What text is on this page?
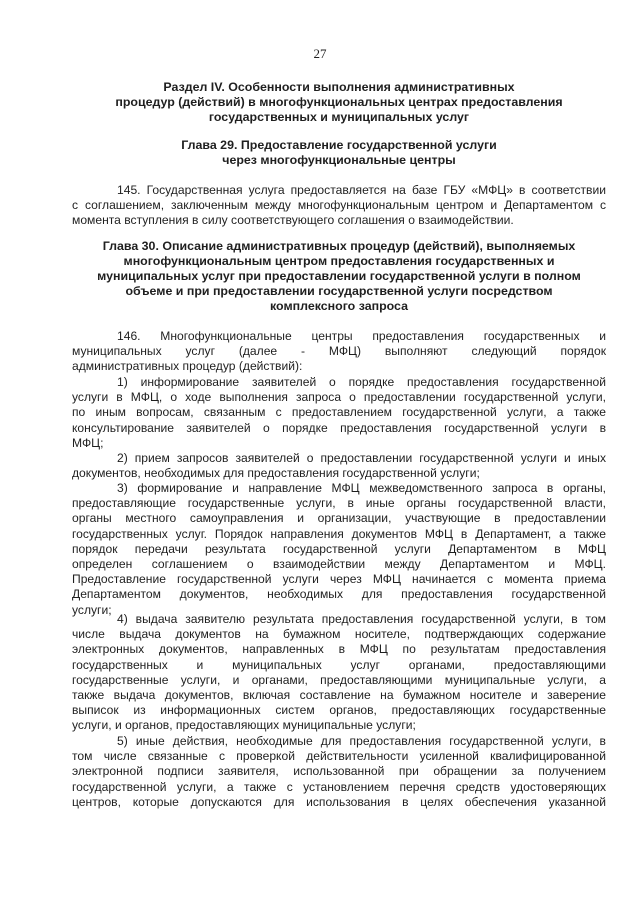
27
Раздел IV. Особенности выполнения административных
процедур (действий) в многофункциональных центрах предоставления
государственных и муниципальных услуг
Глава 29. Предоставление государственной услуги
через многофункциональные центры

145. Государственная услуга предоставляется на базе ГБУ «МФЦ» в соответствии
с соглашением, заключенным между многофункциональным центром и Департаментом с
момента вступления в силу соответствующего соглашения о взаимодействии.

Глава 30. Описание административных процедур (действий), выполняемых
многофункциональным центром предоставления государственных и
муниципальных услуг при предоставлении государственной услуги в полном
объеме и при предоставлении государственной услуги посредством
комплексного запроса

146. Многофункциональные центры предоставления государственных и
муниципальных услуг (далее - МФЦ) выполняют следующий порядок
административных процедур (действий):

1) информирование заявителей о порядке предоставления государственной
услуги в МФЦ, о ходе выполнения запроса о предоставлении государственной услуги,
по иным вопросам, связанным с предоставлением государственной услуги, а также
консультирование заявителей о порядке предоставления государственной услуги в
МФЦ;

2) прием запросов заявителей о предоставлении государственной услуги и иных
документов, необходимых для предоставления государственной услуги;

3) формирование и направление МФЦ межведомственного запроса в органы,
предоставляющие государственные услуги, в иные органы государственной власти,
органы местного самоуправления и организации, участвующие в предоставлении
государственных услуг. Порядок направления документов МФЦ в Департамент, а также
порядок передачи результата государственной услуги Департаментом в МФЦ
определен соглашением о взаимодействии между Департаментом и МФЦ.
Предоставление государственной услуги через МФЦ начинается с момента приема
Департаментом документов, необходимых для предоставления государственной
услуги;

4) выдача заявителю результата предоставления государственной услуги, в том
числе выдача документов на бумажном носителе, подтверждающих содержание
электронных документов, направленных в МФЦ по результатам предоставления
государственных и муниципальных услуг органами, предоставляющими
государственные услуги, и органами, предоставляющими муниципальные услуги, а
также выдача документов, включая составление на бумажном носителе и заверение
выписок из информационных систем органов, предоставляющих государственные
услуги, и органов, предоставляющих муниципальные услуги;

5) иные действия, необходимые для предоставления государственной услуги, в
том числе связанные с проверкой действительности усиленной квалифицированной
электронной подписи заявителя, использованной при обращении за получением
государственной услуги, а также с установлением перечня средств удостоверяющих
центров, которые допускаются для использования в целях обеспечения указанной
